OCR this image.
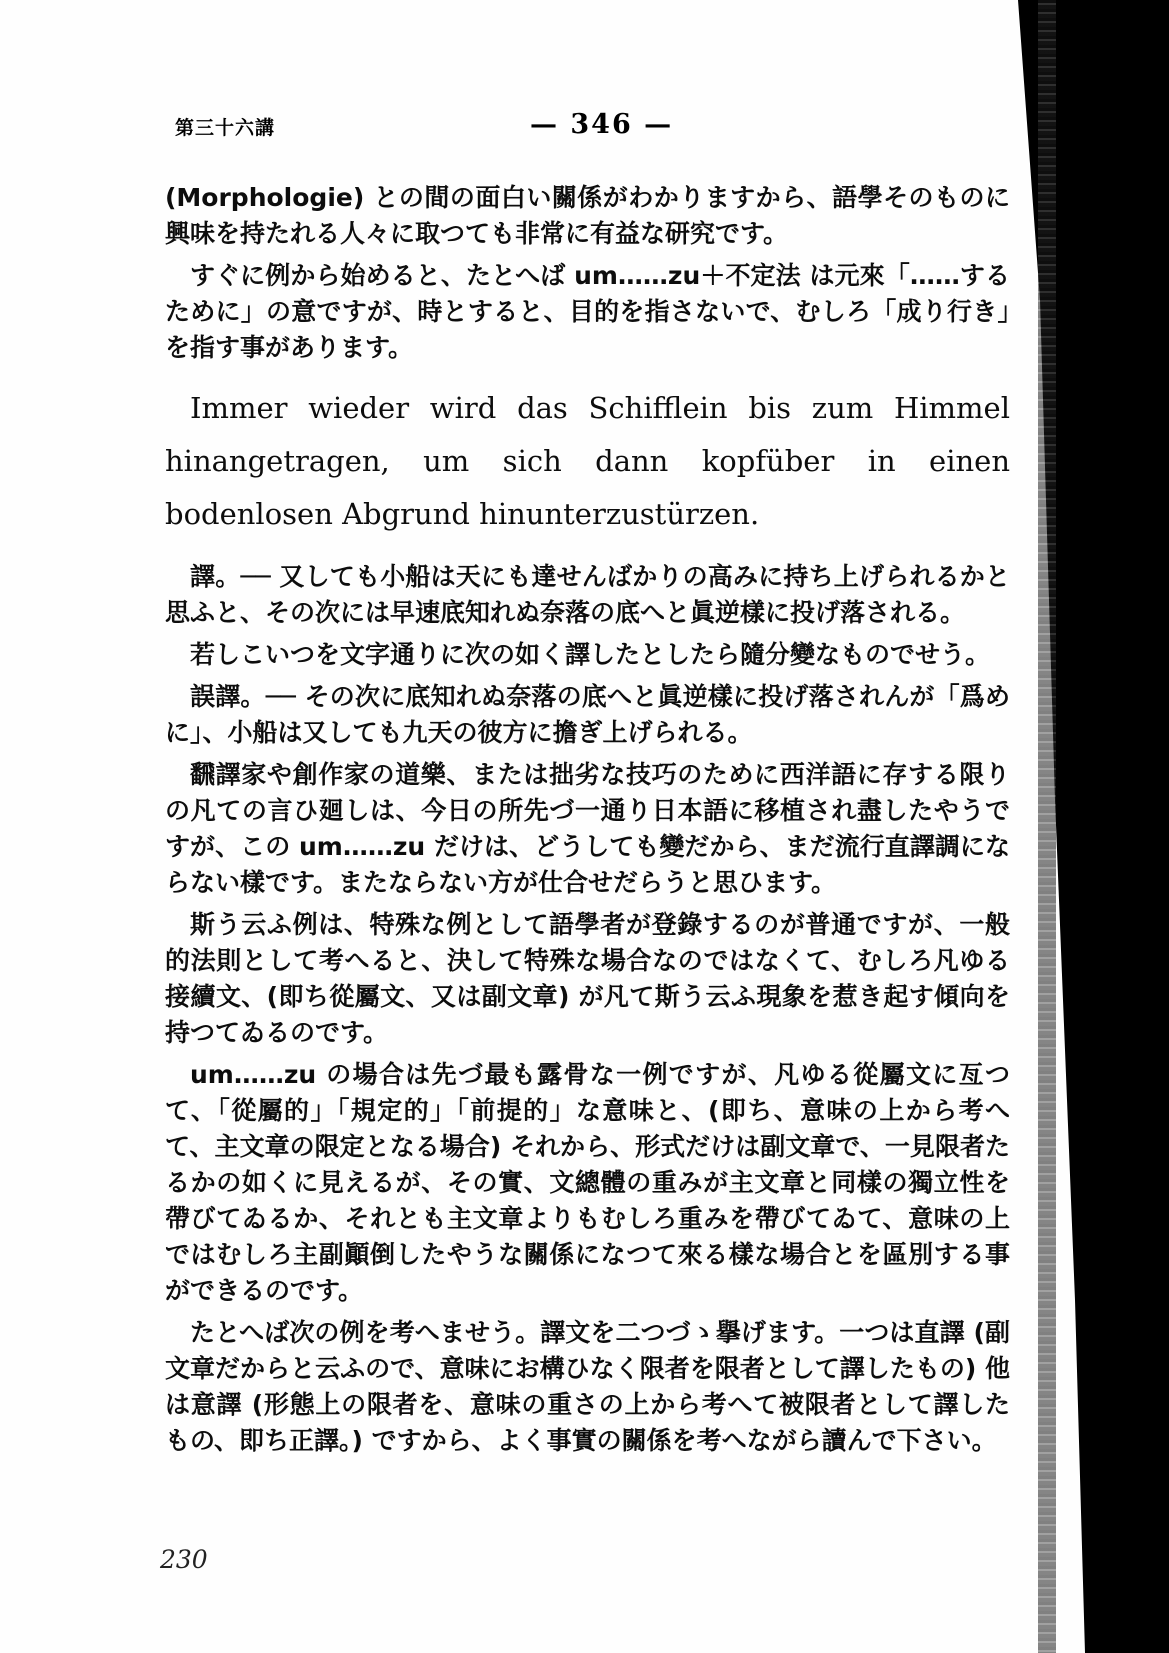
第三十六講	— 346 —

(Morphologie) との間の面白い關係がわかりますから、語學そのものに興味を持たれる人々に取つても非常に有益な研究です。

すぐに例から始めると、たとへば um……zu＋不定法 は元來「……するために」の意ですが、時とすると、目的を指さないで、むしろ「成り行き」を指す事があります。

Immer wieder wird das Schifflein bis zum Himmel hinangetragen, um sich dann kopfüber in einen bodenlosen Abgrund hinunterzustürzen.

譯。── 又しても小船は天にも達せんばかりの高みに持ち上げられるかと思ふと、その次には早速底知れぬ奈落の底へと眞逆樣に投げ落される。

若しこいつを文字通りに次の如く譯したとしたら隨分變なものでせう。

誤譯。── その次に底知れぬ奈落の底へと眞逆樣に投げ落されんが「爲めに」、小船は又しても九天の彼方に擔ぎ上げられる。

飜譯家や創作家の道樂、または拙劣な技巧のために西洋語に存する限りの凡ての言ひ廻しは、今日の所先づ一通り日本語に移植され盡したやうですが、この um……zu だけは、どうしても變だから、まだ流行直譯調にならない樣です。またならない方が仕合せだらうと思ひます。

斯う云ふ例は、特殊な例として語學者が登錄するのが普通ですが、一般的法則として考へると、決して特殊な場合なのではなくて、むしろ凡ゆる接續文、(即ち從屬文、又は副文章) が凡て斯う云ふ現象を惹き起す傾向を持つてゐるのです。

um……zu の場合は先づ最も露骨な一例ですが、凡ゆる從屬文に亙つて、「從屬的」「規定的」「前提的」な意味と、(即ち、意味の上から考へて、主文章の限定となる場合) それから、形式だけは副文章で、一見限者たるかの如くに見えるが、その實、文總體の重みが主文章と同樣の獨立性を帶びてゐるか、それとも主文章よりもむしろ重みを帶びてゐて、意味の上ではむしろ主副顚倒したやうな關係になつて來る樣な場合とを區別する事ができるのです。

たとへば次の例を考へませう。譯文を二つづゝ擧げます。一つは直譯 (副文章だからと云ふので、意味にお構ひなく限者を限者として譯したもの) 他は意譯 (形態上の限者を、意味の重さの上から考へて被限者として譯したもの、即ち正譯。) ですから、よく事實の關係を考へながら讀んで下さい。

230
